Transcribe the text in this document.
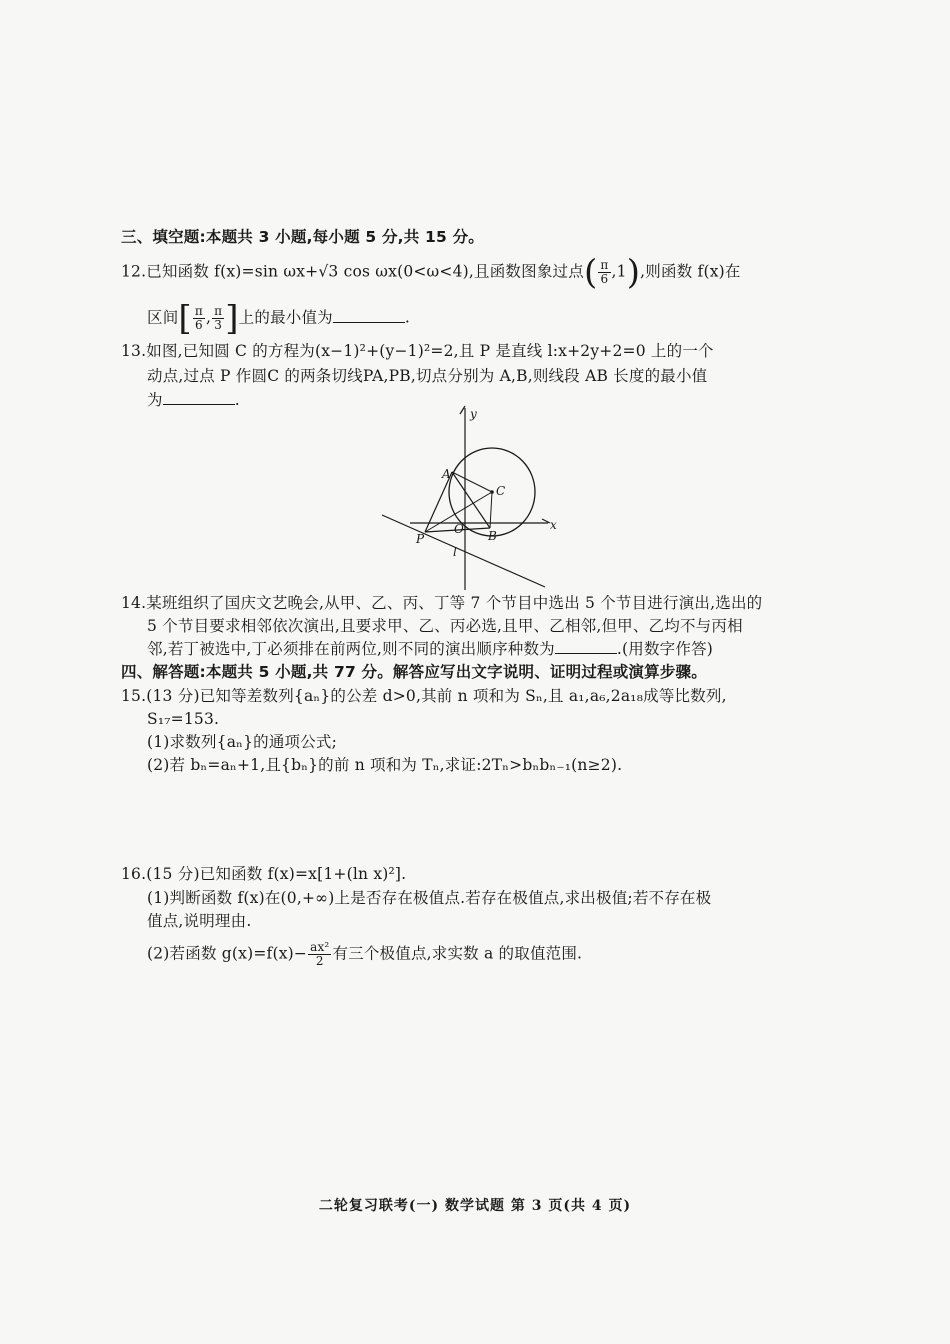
三、填空题:本题共 3 小题,每小题 5 分,共 15 分。
12.已知函数 f(x)=sin ωx+√3 cos ωx(0<ω<4),且函数图象过点( $\frac{\pi}{6} ,1$),则函数 f(x)在
区间[ $\frac{\pi}{6}$ , $\frac{\pi}{3}$ ]上的最小值为	.
13.如图,已知圆 C 的方程为(x−1)²+(y−1)²=2,且 P 是直线 l:x+2y+2=0 上的一个
动点,过点 P 作圆C 的两条切线PA,PB,切点分别为 A,B,则线段 AB 长度的最小值
为	.
y
x
A
C
O B
P
l
14.某班组织了国庆文艺晚会,从甲、乙、丙、丁等 7 个节目中选出 5 个节目进行演出,选出的
5 个节目要求相邻依次演出,且要求甲、乙、丙必选,且甲、乙相邻,但甲、乙均不与丙相
邻,若丁被选中,丁必须排在前两位,则不同的演出顺序种数为	.(用数字作答)
四、解答题:本题共 5 小题,共 77 分。解答应写出文字说明、证明过程或演算步骤。
15.(13 分)已知等差数列{aₙ}的公差 d>0,其前 n 项和为 Sₙ,且 a₁,a₆,2a₁₈成等比数列,
S₁₇=153.
(1)求数列{aₙ}的通项公式;
(2)若 bₙ=aₙ+1,且{bₙ}的前 n 项和为 Tₙ,求证:2Tₙ>bₙbₙ₋₁(n≥2).
16.(15 分)已知函数 f(x)=x[1+(ln x)²].
(1)判断函数 f(x)在(0,+∞)上是否存在极值点.若存在极值点,求出极值;若不存在极
值点,说明理由.
(2)若函数 $g(x)=f(x)- \frac{\text{ax²}}{2}$ 有三个极值点,求实数 a 的取值范围.
二轮复习联考(一) 数学试题 第 3 页(共 4 页)
